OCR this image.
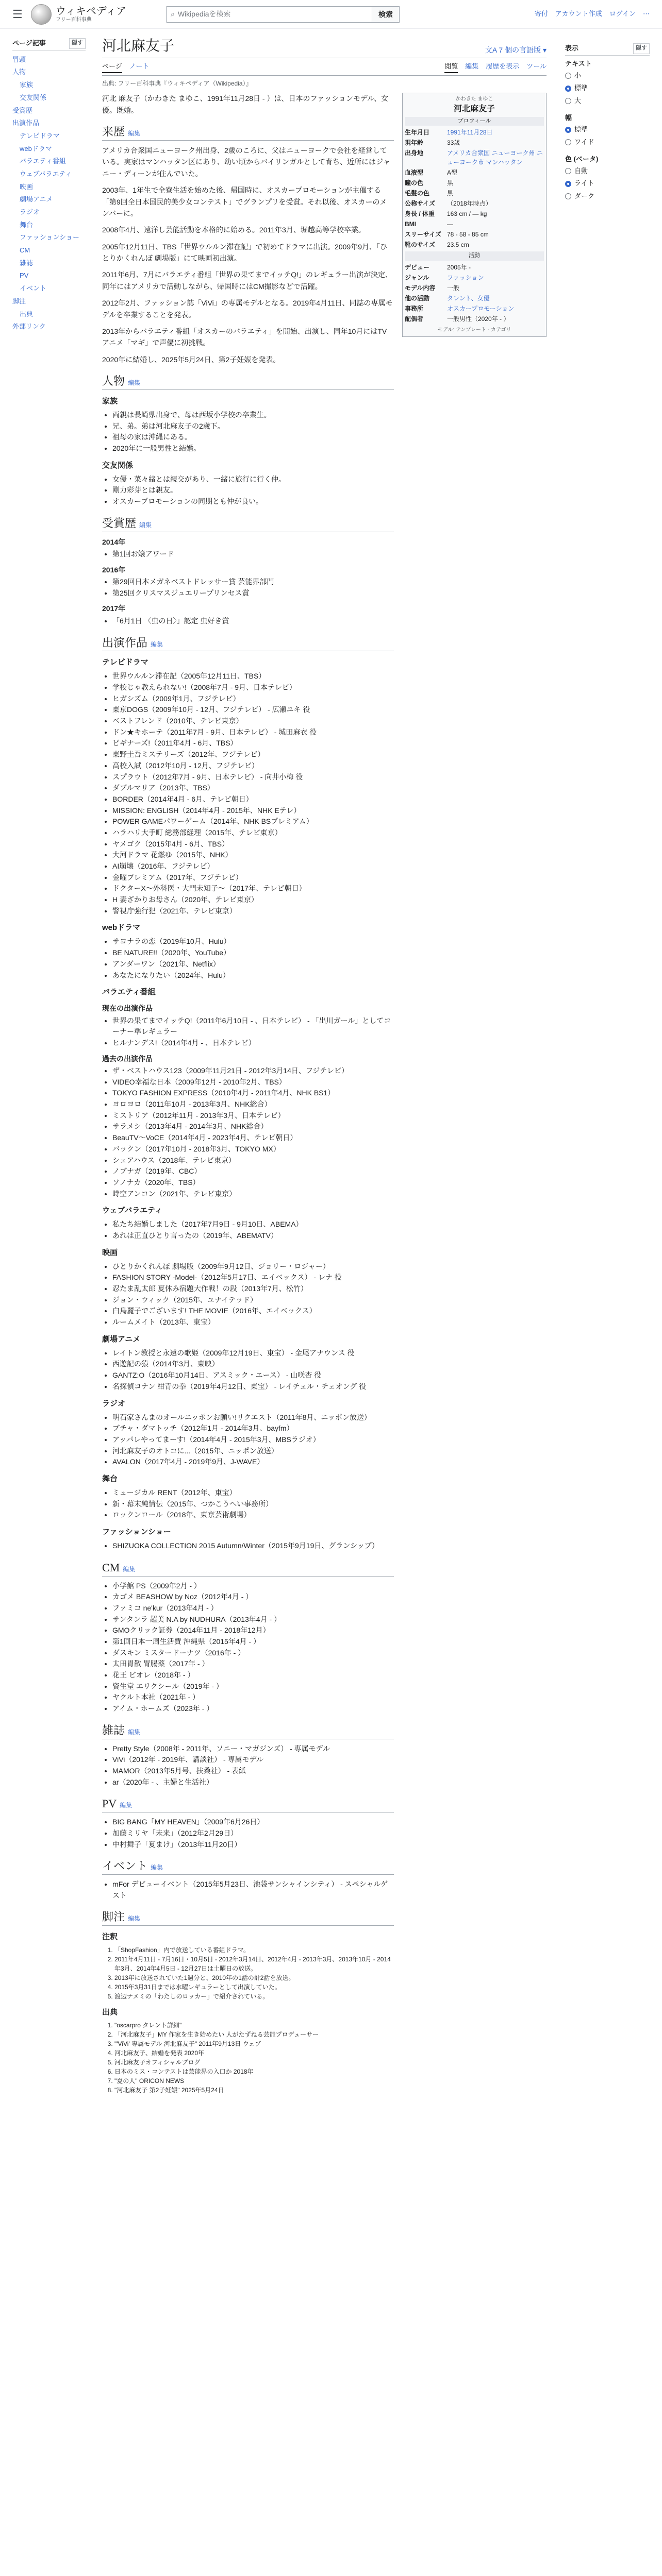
☰	ウィキペディア
フリー百科事典
⌕ Wikipediaを検索	検索	寄付 アカウント作成 ログイン ⋯
ページ記事	隠す
冒頭
人物
家族
交友関係
受賞歴
出演作品
テレビドラマ
webドラマ
バラエティ番組
ウェブバラエティ
映画
劇場アニメ
ラジオ
舞台
ファッションショー
CM
雑誌
PV
イベント
脚注
出典
外部リンク
河北麻友子	文A 7 個の言語版 ▾
ページ ノート	閲覧 編集 履歴を表示 ツール
出典: フリー百科事典『ウィキペディア（Wikipedia）』

河北 麻友子（かわきた まゆこ、1991年11月28日 - ）は、日本のファッションモデル、女優。既婚。

来歴 編集

アメリカ合衆国ニューヨーク州出身、2歳のころに、父はニューヨークで会社を経営している。実家はマンハッタン区にあり、幼い頃からバイリンガルとして育ち、近所にはジャニー・ディーンが住んでいた。

2003年、1年生で全寮生活を始めた後、帰国時に、オスカープロモーションが主催する「第9回全日本国民的美少女コンテスト」でグランプリを受賞。それ以後、オスカーのメンバーに。

2008年4月、遠洋し芸能活動を本格的に始める。2011年3月、堀越高等学校卒業。

2005年12月11日、TBS「世界ウルルン滞在記」で初めてドラマに出演。2009年9月、「ひとりかくれんぼ 劇場版」にて映画初出演。

2011年6月、7月にバラエティ番組「世界の果てまでイッテQ!」のレギュラー出演が決定、同年にはアメリカで活動しながら、帰国時にはCM撮影などで活躍。

2012年2月、ファッション誌「ViVi」の専属モデルとなる。2019年4月11日、同誌の専属モデルを卒業することを発表。

2013年からバラエティ番組「オスカーのバラエティ」を開始、出演し、同年10月にはTVアニメ「マギ」で声優に初挑戦。

2020年に結婚し、2025年5月24日、第2子妊娠を発表。

人物 編集
家族
• 両親は長崎県出身で、母は西坂小学校の卒業生。
• 兄、弟。弟は河北麻友子の2歳下。
• 祖母の家は沖縄にある。
• 2020年に一般男性と結婚。
交友関係
• 女優・菜々緒とは親交があり、一緒に旅行に行く仲。
• 剛力彩芽とは親友。
• オスカープロモーションの同期とも仲が良い。
受賞歴 編集
2014年
• 第1回お嬢アワード
2016年
• 第29回日本メガネベストドレッサー賞 芸能界部門
• 第25回クリスマスジュエリープリンセス賞
2017年
• 「6月1日 〈虫の日〉」認定 虫好き賞
出演作品 編集
テレビドラマ
• 世界ウルルン滞在記（2005年12月11日、TBS）
• 学校じゃ教えられない!（2008年7月 - 9月、日本テレビ）
• ヒガシズム（2009年1月、フジテレビ）
• 東京DOGS（2009年10月 - 12月、フジテレビ） - 広瀬ユキ 役
• ベストフレンド（2010年、テレビ東京）
• ドン★キホーテ（2011年7月 - 9月、日本テレビ） - 城田麻衣 役
• ビギナーズ!（2011年4月 - 6月、TBS）
• 東野圭吾ミステリーズ（2012年、フジテレビ）
• 高校入試（2012年10月 - 12月、フジテレビ）
• スプラウト（2012年7月 - 9月、日本テレビ） - 向井小梅 役
• ダブルマリア（2013年、TBS）
• BORDER（2014年4月 - 6月、テレビ朝日）
• MISSION: ENGLISH（2014年4月 - 2015年、NHK Eテレ）
• POWER GAMEパワーゲーム（2014年、NHK BSプレミアム）
• ハラハリ大手町 総務部経理（2015年、テレビ東京）
• ヤメゴク（2015年4月 - 6月、TBS）
• 大河ドラマ 花燃ゆ（2015年、NHK）
• AI崩壊（2016年、フジテレビ）
• 金曜プレミアム（2017年、フジテレビ）
• ドクターX〜外科医・大門未知子〜（2017年、テレビ朝日）
• H 妻ざかりお母さん（2020年、テレビ東京）
• 警視庁強行犯（2021年、テレビ東京）
webドラマ
• サヨナラの恋（2019年10月、Hulu）
• BE NATURE!!（2020年、YouTube）
• アンダーワン（2021年、Netflix）
• あなたになりたい（2024年、Hulu）
バラエティ番組
現在の出演作品
• 世界の果てまでイッテQ!（2011年6月10日 - 、日本テレビ） - 「出川ガール」としてコーナー準レギュラー
• ヒルナンデス!（2014年4月 - 、日本テレビ）
過去の出演作品
• ザ・ベストハウス123（2009年11月21日 - 2012年3月14日、フジテレビ）
• VIDEO幸福な日本（2009年12月 - 2010年2月、TBS）
• TOKYO FASHION EXPRESS（2010年4月 - 2011年4月、NHK BS1）
• ヨロヨロ（2011年10月 - 2013年3月、NHK総合）
• ミストリア（2012年11月 - 2013年3月、日本テレビ）
• サラメシ（2013年4月 - 2014年3月、NHK総合）
• BeauTV〜VoCE（2014年4月 - 2023年4月、テレビ朝日）
• バックン（2017年10月 - 2018年3月、TOKYO MX）
• シェアハウス（2018年、テレビ東京）
• ノブナガ（2019年、CBC）
• ソノナカ（2020年、TBS）
• 時空アンコン（2021年、テレビ東京）
ウェブバラエティ
• 私たち結婚しました（2017年7月9日 - 9月10日、ABEMA）
• あれは正直ひとり言ったの（2019年、ABEMATV）
映画
• ひとりかくれんぼ 劇場版（2009年9月12日、ジョリー・ロジャー）
• FASHION STORY -Model-（2012年5月17日、エイベックス） - レナ 役
• 忍たま乱太郎 夏休み宿題大作戦！の段（2013年7月、松竹）
• ジョン・ウィック（2015年、ユナイテッド）
• 白鳥麗子でございます! THE MOVIE（2016年、エイベックス）
• ルームメイト（2013年、東宝）
劇場アニメ
• レイトン教授と永遠の歌姫（2009年12月19日、東宝） - 金尾アナウンス 役
• 西遊記の猿（2014年3月、東映）
• GANTZ:O（2016年10月14日、アスミック・エース） - 山咲杏 役
• 名探偵コナン 紺青の拳（2019年4月12日、東宝） - レイチェル・チェオング 役
ラジオ
• 明石家さんまのオールニッポンお願い!リクエスト（2011年8月、ニッポン放送）
• ブチャ・ダマトッチ（2012年1月 - 2014年3月、bayfm）
• アッパレやってまーす!（2014年4月 - 2015年3月、MBSラジオ）
• 河北麻友子のオトコに...（2015年、ニッポン放送）
• AVALON（2017年4月 - 2019年9月、J-WAVE）
舞台
• ミュージカル RENT（2012年、東宝）
• 新・幕末純情伝（2015年、つかこうへい事務所）
• ロックンロール（2018年、東京芸術劇場）
ファッションショー
• SHIZUOKA COLLECTION 2015 Autumn/Winter（2015年9月19日、グランシップ）
CM 編集
• 小学館 PS（2009年2月 - ）
• カゴメ BEASHOW by Noz（2012年4月 - ）
• ファミコ ne'kur（2013年4月 - ）
• サンタンラ 超美 N.A by NUDHURA（2013年4月 - ）
• GMOクリック証券（2014年11月 - 2018年12月）
• 第1回日本一周生活費 沖縄県（2015年4月 - ）
• ダスキン ミスタードーナツ（2016年 - ）
• 太田胃散 胃腸薬（2017年 - ）
• 花王 ビオレ（2018年 - ）
• 資生堂 エリクシール（2019年 - ）
• ヤクルト本社（2021年 - ）
• アイム・ホームズ（2023年 - ）
雑誌 編集
• Pretty Style（2008年 - 2011年、ソニー・マガジンズ） - 専属モデル
• ViVi（2012年 - 2019年、講談社） - 専属モデル
• MAMOR（2013年5月号、扶桑社） - 表紙
• ar（2020年 - 、主婦と生活社）
PV 編集
• BIG BANG「MY HEAVEN」（2009年6月26日）
• 加藤ミリヤ「未来」（2012年2月29日）
• 中村舞子「夏まけ」（2013年11月20日）
イベント 編集
• mFor デビューイベント（2015年5月23日、池袋サンシャインシティ） - スペシャルゲスト
脚注 編集
注釈
1. 「ShopFashion」内で放送している番組ドラマ。
2. 2011年4月11日 - 7月16日・10月5日 - 2012年3月14日、2012年4月 - 2013年3月、2013年10月 - 2014年3月、2014年4月5日 - 12月27日は土曜日の放送。
3. 2013年に放送されていた1週分と、2010年の1話の計2話を放送。
4. 2015年3月31日までは水曜レギュラーとして出演していた。
5. 渡辺ナメミの「わたしのロッカー」で紹介されている。
出典
1. "oscarpro タレント詳細"
2. 「河北麻友子」MY 作家を生き始めたい 人がたずねる芸能プロデューサー
3. "'ViVi' 専属モデル 河北麻友子" 2011年9月13日 ウェブ
4. 河北麻友子、結婚を発表 2020年
5. 河北麻友子オフィシャルブログ
6. 日本のミス・コンテストは芸能界の入口か 2018年
7. "夏の人" ORICON NEWS
8. "河北麻友子 第2子妊娠" 2025年5月24日
かわきた まゆこ
河北麻友子
プロフィール
生年月日	1991年11月28日
現年齢	33歳
出身地	アメリカ合衆国 ニューヨーク州 ニューヨーク市 マンハッタン
血液型	A型
瞳の色	黒
毛髪の色	黒
公称サイズ	（2018年時点）
身長 / 体重	163 cm / ― kg
BMI	―
スリーサイズ 78 - 58 - 85 cm
靴のサイズ	23.5 cm
活動
デビュー	2005年 -
ジャンル	ファッション
モデル内容	一般
他の活動	タレント、女優
事務所	オスカープロモーション
配偶者	一般男性（2020年 - ）
モデル: テンプレート - カテゴリ
表示	隠す
テキスト
小
標準
大
幅
標準
ワイド
色 (ベータ)
自動
ライト
ダーク
